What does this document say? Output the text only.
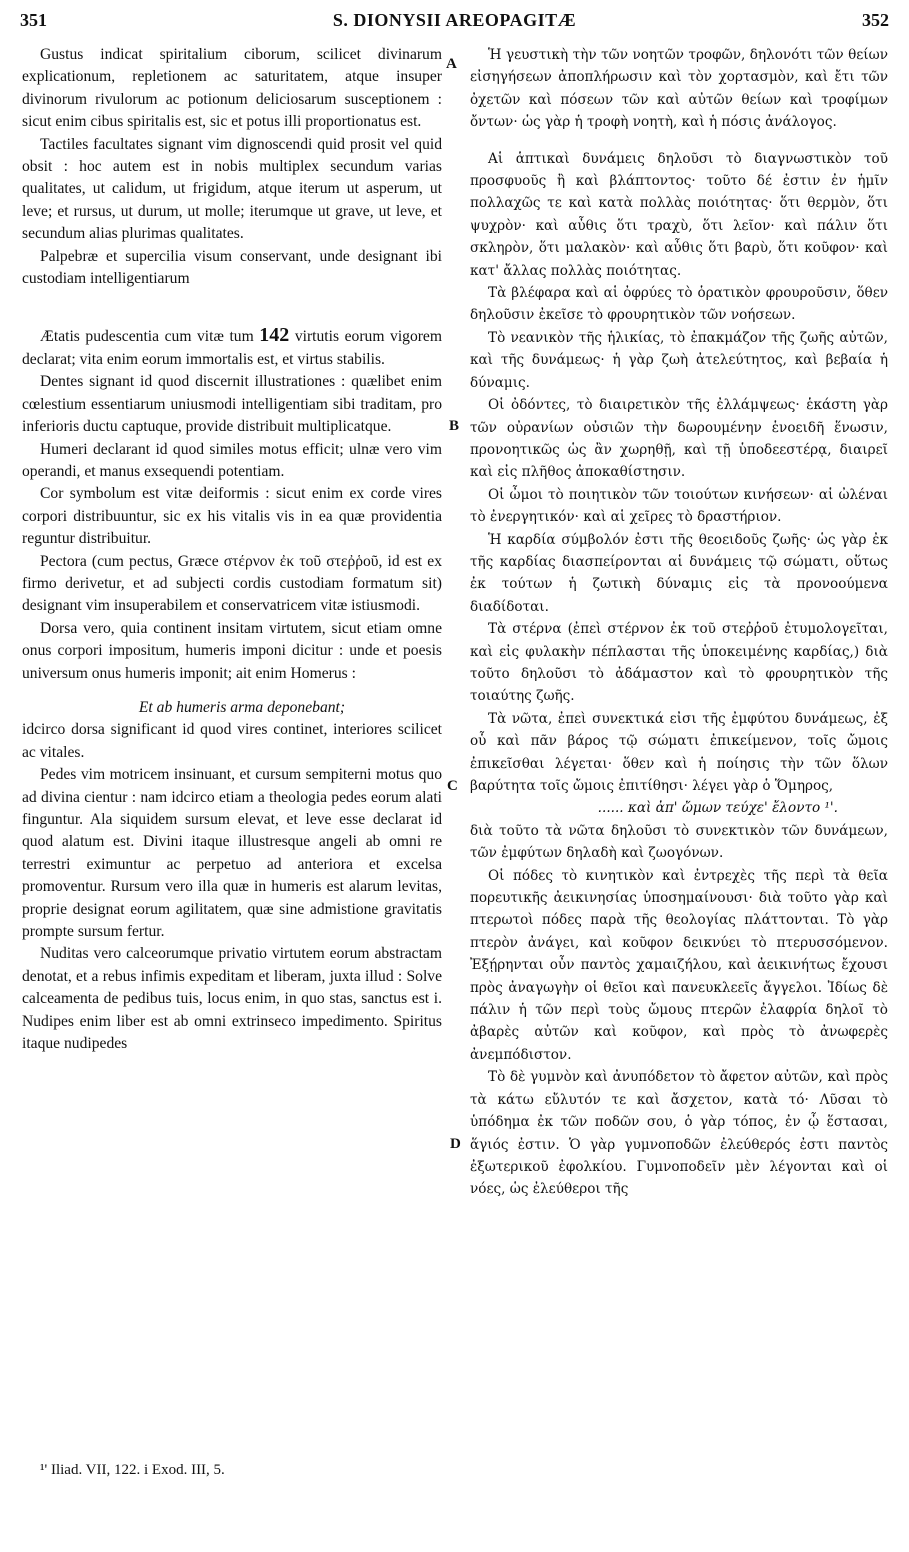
351	S. DIONYSII AREOPAGITÆ	352
A
B
C
D

Gustus indicat spiritalium ciborum, scilicet divinarum explicationum, repletionem ac saturitatem, atque insuper divinorum rivulorum ac potionum deliciosarum susceptionem : sicut enim cibus spiritalis est, sic et potus illi proportionatus est.

Tactiles facultates signant vim dignoscendi quid prosit vel quid obsit : hoc autem est in nobis multiplex secundum varias qualitates, ut calidum, ut frigidum, atque iterum ut asperum, ut leve; et rursus, ut durum, ut molle; iterumque ut grave, ut leve, et secundum alias plurimas qualitates.

Palpebræ et supercilia visum conservant, unde designant ibi custodiam intelligentiarum

Ætatis pudescentia cum vitæ tum 142 virtutis eorum vigorem declarat; vita enim eorum immortalis est, et virtus stabilis.

Dentes signant id quod discernit illustrationes : quælibet enim cœlestium essentiarum uniusmodi intelligentiam sibi traditam, pro inferioris ductu captuque, provide distribuit multiplicatque.

Humeri declarant id quod similes motus efficit; ulnæ vero vim operandi, et manus exsequendi potentiam.

Cor symbolum est vitæ deiformis : sicut enim ex corde vires corpori distribuuntur, sic ex his vitalis vis in ea quæ providentia reguntur distribuitur.

Pectora (cum pectus, Græce στέρνον ἐκ τοῦ στεῤῥοῦ, id est ex firmo derivetur, et ad subjecti cordis custodiam formatum sit) designant vim insuperabilem et conservatricem vitæ istiusmodi.

Dorsa vero, quia continent insitam virtutem, sicut etiam omne onus corpori impositum, humeris imponi dicitur : unde et poesis universum onus humeris imponit; ait enim Homerus :

Et ab humeris arma deponebant;

idcirco dorsa significant id quod vires continet, interiores scilicet ac vitales.

Pedes vim motricem insinuant, et cursum sempiterni motus quo ad divina cientur : nam idcirco etiam a theologia pedes eorum alati finguntur. Ala siquidem sursum elevat, et leve esse declarat id quod alatum est. Divini itaque illustresque angeli ab omni re terrestri eximuntur ac perpetuo ad anteriora et excelsa promoventur. Rursum vero illa quæ in humeris est alarum levitas, proprie designat eorum agilitatem, quæ sine admistione gravitatis prompte sursum fertur.

Nuditas vero calceorumque privatio virtutem eorum abstractam denotat, et a rebus infimis expeditam et liberam, juxta illud : Solve calceamenta de pedibus tuis, locus enim, in quo stas, sanctus est i. Nudipes enim liber est ab omni extrinseco impedimento. Spiritus itaque nudipedes

Ἡ γευστικὴ τὴν τῶν νοητῶν τροφῶν, δηλονότι τῶν θείων εἰσηγήσεων ἀποπλήρωσιν καὶ τὸν χορτασμὸν, καὶ ἔτι τῶν ὀχετῶν καὶ πόσεων τῶν καὶ αὐτῶν θείων καὶ τροφίμων ὄντων· ὡς γὰρ ἡ τροφὴ νοητὴ, καὶ ἡ πόσις ἀνάλογος.

Αἱ ἁπτικαὶ δυνάμεις δηλοῦσι τὸ διαγνωστικὸν τοῦ προσφυοῦς ἢ καὶ βλάπτοντος· τοῦτο δέ ἐστιν ἐν ἡμῖν πολλαχῶς τε καὶ κατὰ πολλὰς ποιότητας· ὅτι θερμὸν, ὅτι ψυχρὸν· καὶ αὖθις ὅτι τραχὺ, ὅτι λεῖον· καὶ πάλιν ὅτι σκληρὸν, ὅτι μαλακὸν· καὶ αὖθις ὅτι βαρὺ, ὅτι κοῦφον· καὶ κατ' ἄλλας πολλὰς ποιότητας.

Τὰ βλέφαρα καὶ αἱ ὀφρύες τὸ ὁρατικὸν φρουροῦσιν, ὅθεν δηλοῦσιν ἐκεῖσε τὸ φρουρητικὸν τῶν νοήσεων.

Τὸ νεανικὸν τῆς ἡλικίας, τὸ ἐπακμάζον τῆς ζωῆς αὐτῶν, καὶ τῆς δυνάμεως· ἡ γὰρ ζωὴ ἀτελεύτητος, καὶ βεβαία ἡ δύναμις.

Οἱ ὀδόντες, τὸ διαιρετικὸν τῆς ἐλλάμψεως· ἑκάστη γὰρ τῶν οὐρανίων οὐσιῶν τὴν δωρουμένην ἑνοειδῆ ἕνωσιν, προνοητικῶς ὡς ἂν χωρηθῇ, καὶ τῇ ὑποδεεστέρᾳ, διαιρεῖ καὶ εἰς πλῆθος ἀποκαθίστησιν.

Οἱ ὦμοι τὸ ποιητικὸν τῶν τοιούτων κινήσεων· αἱ ὠλέναι τὸ ἐνεργητικόν· καὶ αἱ χεῖρες τὸ δραστήριον.

Ἡ καρδία σύμβολόν ἐστι τῆς θεοειδοῦς ζωῆς· ὡς γὰρ ἐκ τῆς καρδίας διασπείρονται αἱ δυνάμεις τῷ σώματι, οὕτως ἐκ τούτων ἡ ζωτικὴ δύναμις εἰς τὰ προνοούμενα διαδίδοται.

Τὰ στέρνα (ἐπεὶ στέρνον ἐκ τοῦ στεῤῥοῦ ἐτυμολογεῖται, καὶ εἰς φυλακὴν πέπλασται τῆς ὑποκειμένης καρδίας,) διὰ τοῦτο δηλοῦσι τὸ ἀδάμαστον καὶ τὸ φρουρητικὸν τῆς τοιαύτης ζωῆς.

Τὰ νῶτα, ἐπεὶ συνεκτικά εἰσι τῆς ἐμφύτου δυνάμεως, ἐξ οὗ καὶ πᾶν βάρος τῷ σώματι ἐπικείμενον, τοῖς ὤμοις ἐπικεῖσθαι λέγεται· ὅθεν καὶ ἡ ποίησις τὴν τῶν ὅλων βαρύτητα τοῖς ὤμοις ἐπιτίθησι· λέγει γὰρ ὁ Ὅμηρος,

...... καὶ ἀπ' ὤμων τεύχε' ἔλοντο ¹'.

διὰ τοῦτο τὰ νῶτα δηλοῦσι τὸ συνεκτικὸν τῶν δυνάμεων, τῶν ἐμφύτων δηλαδὴ καὶ ζωογόνων.

Οἱ πόδες τὸ κινητικὸν καὶ ἐντρεχὲς τῆς περὶ τὰ θεῖα πορευτικῆς ἀεικινησίας ὑποσημαίνουσι· διὰ τοῦτο γὰρ καὶ πτερωτοὶ πόδες παρὰ τῆς θεολογίας πλάττονται. Τὸ γὰρ πτερὸν ἀνάγει, καὶ κοῦφον δεικνύει τὸ πτερυσσόμενον. Ἐξῄρηνται οὖν παντὸς χαμαιζήλου, καὶ ἀεικινήτως ἔχουσι πρὸς ἀναγωγὴν οἱ θεῖοι καὶ πανευκλεεῖς ἄγγελοι. Ἰδίως δὲ πάλιν ἡ τῶν περὶ τοὺς ὤμους πτερῶν ἐλαφρία δηλοῖ τὸ ἀβαρὲς αὐτῶν καὶ κοῦφον, καὶ πρὸς τὸ ἀνωφερὲς ἀνεμπόδιστον.

Τὸ δὲ γυμνὸν καὶ ἀνυπόδετον τὸ ἄφετον αὐτῶν, καὶ πρὸς τὰ κάτω εὔλυτόν τε καὶ ἄσχετον, κατὰ τό· Λῦσαι τὸ ὑπόδημα ἐκ τῶν ποδῶν σου, ὁ γὰρ τόπος, ἐν ᾧ ἕστασαι, ἅγιός ἐστιν. Ὁ γὰρ γυμνοποδῶν ἐλεύθερός ἐστι παντὸς ἐξωτερικοῦ ἐφολκίου. Γυμνοποδεῖν μὲν λέγονται καὶ οἱ νόες, ὡς ἐλεύθεροι τῆς

¹' Iliad. VII, 122. i Exod. III, 5.
